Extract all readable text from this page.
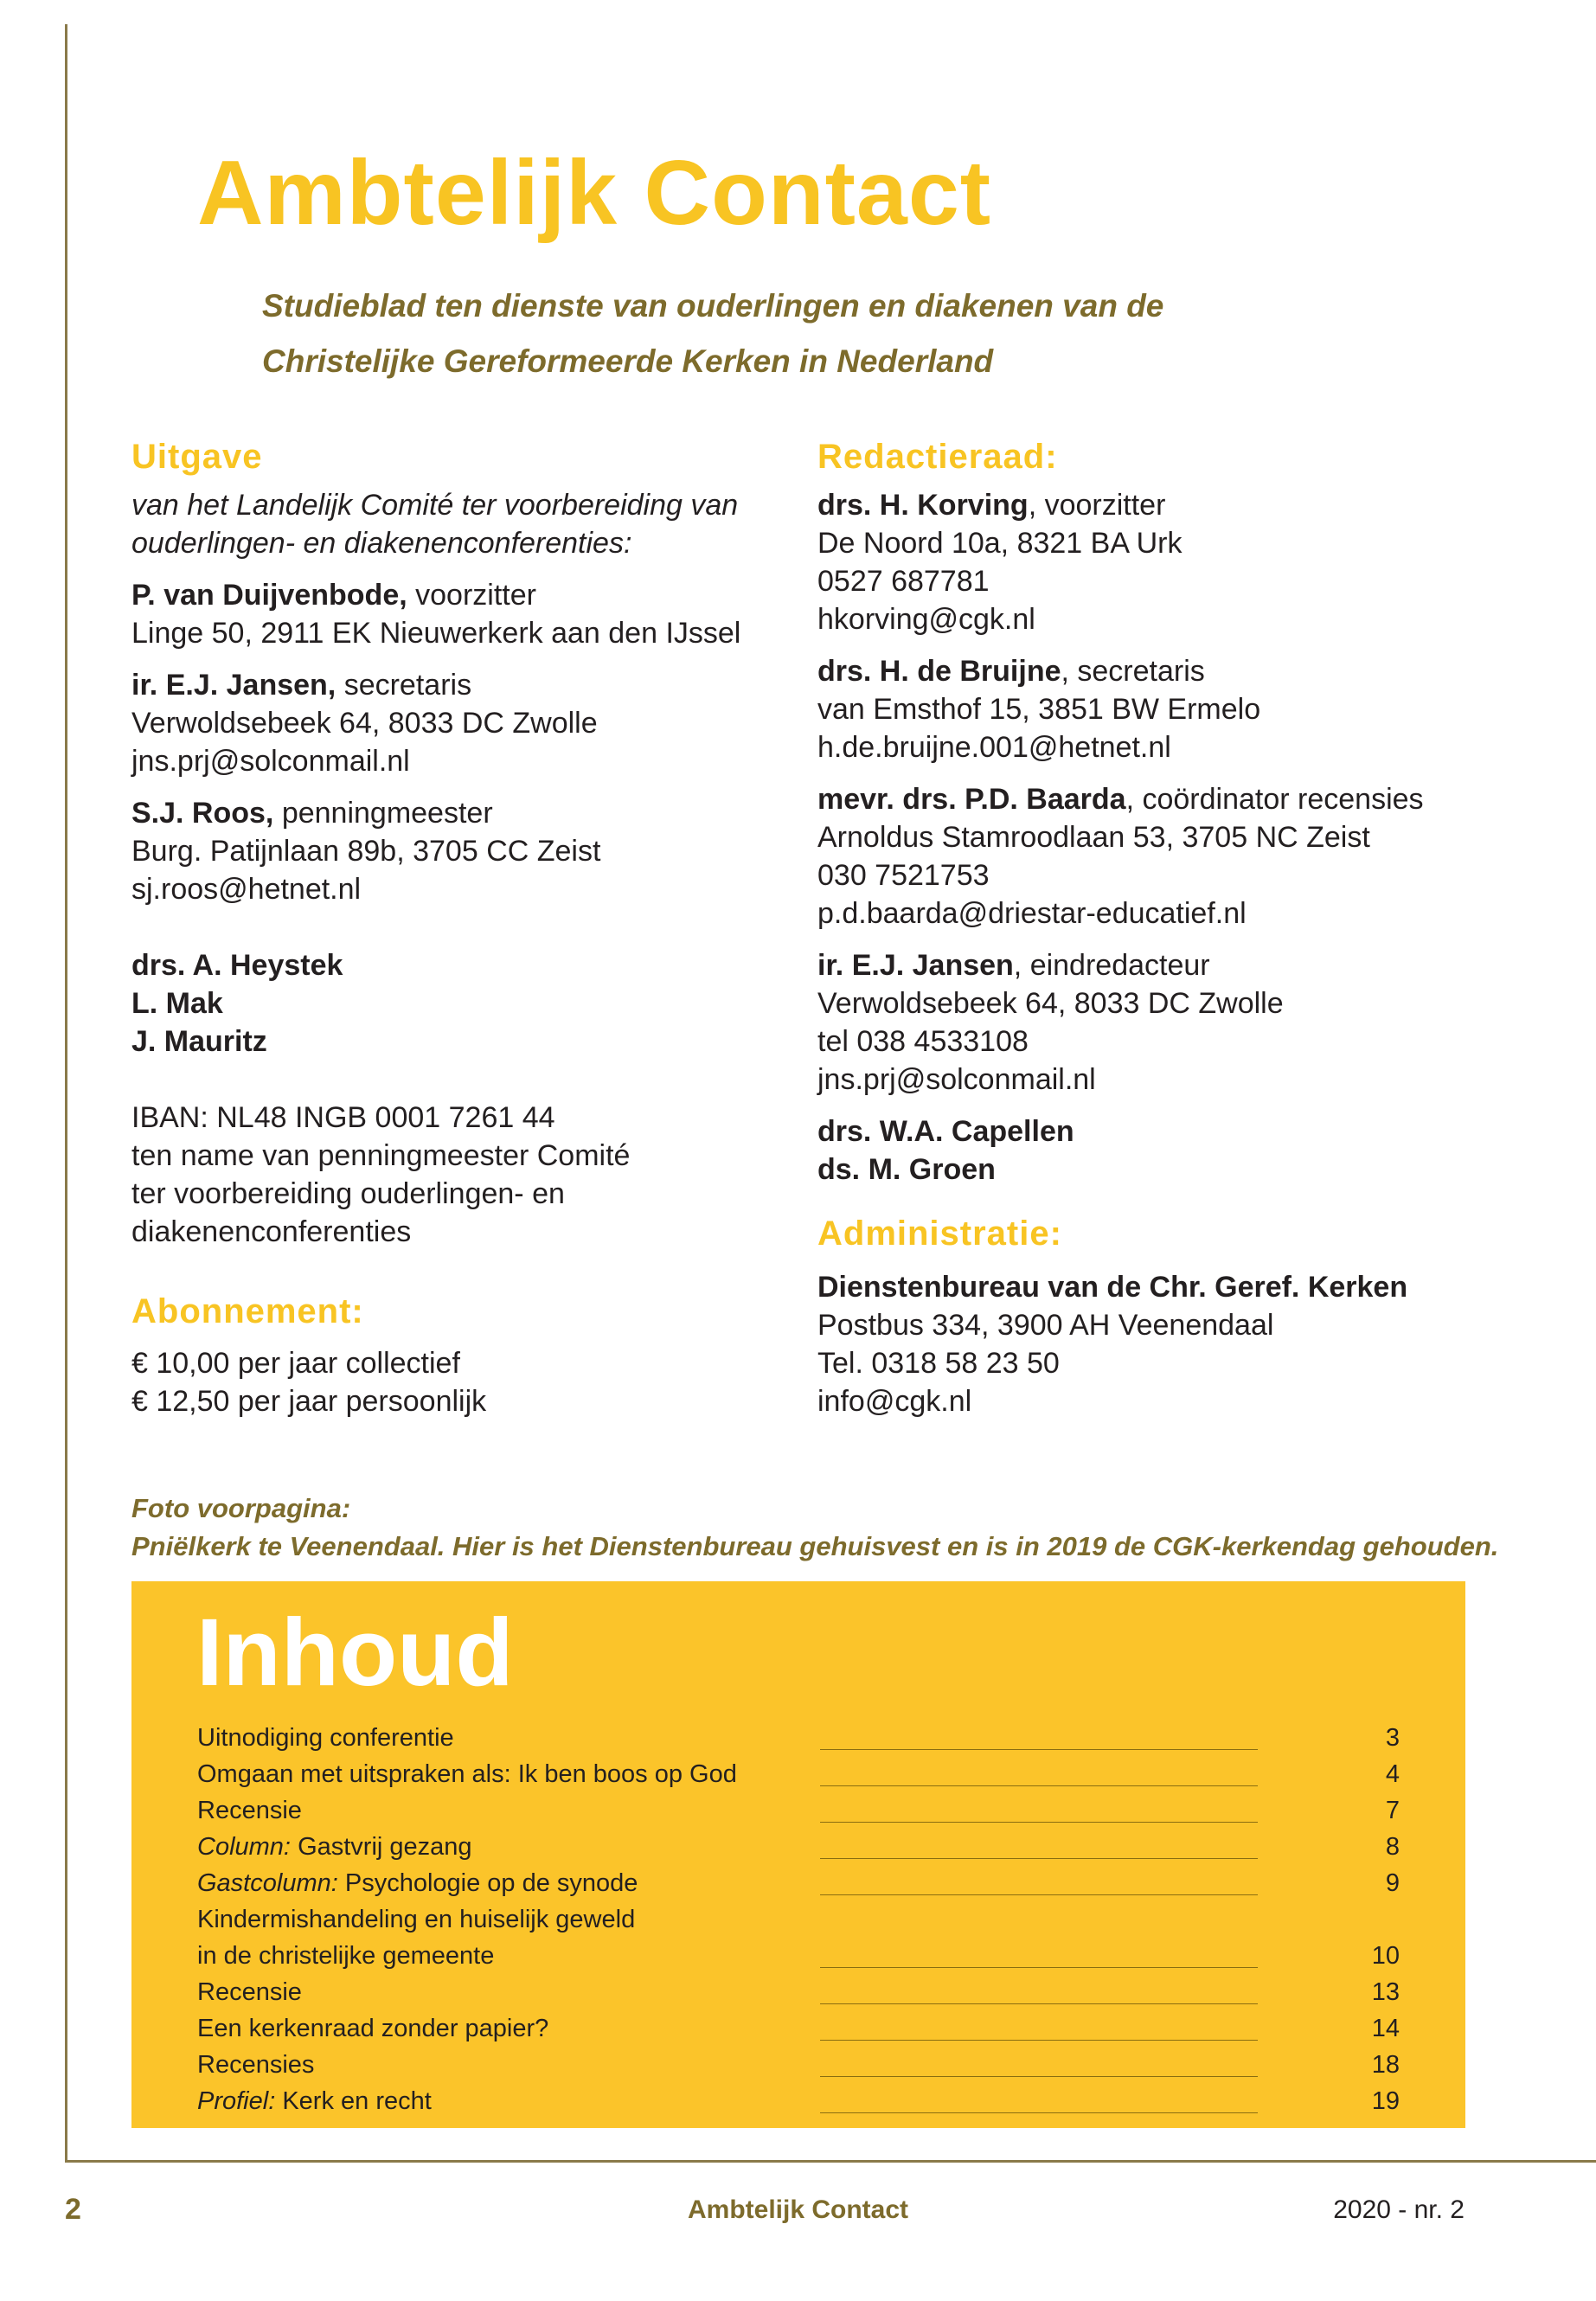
Ambtelijk Contact
Studieblad ten dienste van ouderlingen en diakenen van de
Christelijke Gereformeerde Kerken in Nederland
Uitgave
van het Landelijk Comité ter voorbereiding van
ouderlingen- en diakenenconferenties:
P. van Duijvenbode, voorzitter
Linge 50, 2911 EK Nieuwerkerk aan den IJssel
ir. E.J. Jansen, secretaris
Verwoldsebeek 64, 8033 DC Zwolle
jns.prj@solconmail.nl
S.J. Roos, penningmeester
Burg. Patijnlaan 89b, 3705 CC Zeist
sj.roos@hetnet.nl
drs. A. Heystek
L. Mak
J. Mauritz
IBAN: NL48 INGB 0001 7261 44
ten name van penningmeester Comité
ter voorbereiding ouderlingen- en
diakenenconferenties
Abonnement:
€ 10,00 per jaar collectief
€ 12,50 per jaar persoonlijk
Redactieraad:
drs. H. Korving, voorzitter
De Noord 10a, 8321 BA Urk
0527 687781
hkorving@cgk.nl
drs. H. de Bruijne, secretaris
van Emsthof 15, 3851 BW Ermelo
h.de.bruijne.001@hetnet.nl
mevr. drs. P.D. Baarda, coördinator recensies
Arnoldus Stamroodlaan 53, 3705 NC Zeist
030 7521753
p.d.baarda@driestar-educatief.nl
ir. E.J. Jansen, eindredacteur
Verwoldsebeek 64, 8033 DC Zwolle
tel 038 4533108
jns.prj@solconmail.nl
drs. W.A. Capellen
ds. M. Groen
Administratie:
Dienstenbureau van de Chr. Geref. Kerken
Postbus 334, 3900 AH Veenendaal
Tel. 0318 58 23 50
info@cgk.nl
Foto voorpagina:
Pniëlkerk te Veenendaal. Hier is het Dienstenbureau gehuisvest en is in 2019 de CGK-kerkendag gehouden.
Inhoud
Uitnodiging conferentie	3
Omgaan met uitspraken als: Ik ben boos op God	4
Recensie	7
Column: Gastvrij gezang	8
Gastcolumn: Psychologie op de synode	9
Kindermishandeling en huiselijk geweld
in de christelijke gemeente	10
Recensie	13
Een kerkenraad zonder papier?	14
Recensies	18
Profiel: Kerk en recht	19
2	Ambtelijk Contact	2020 - nr. 2
